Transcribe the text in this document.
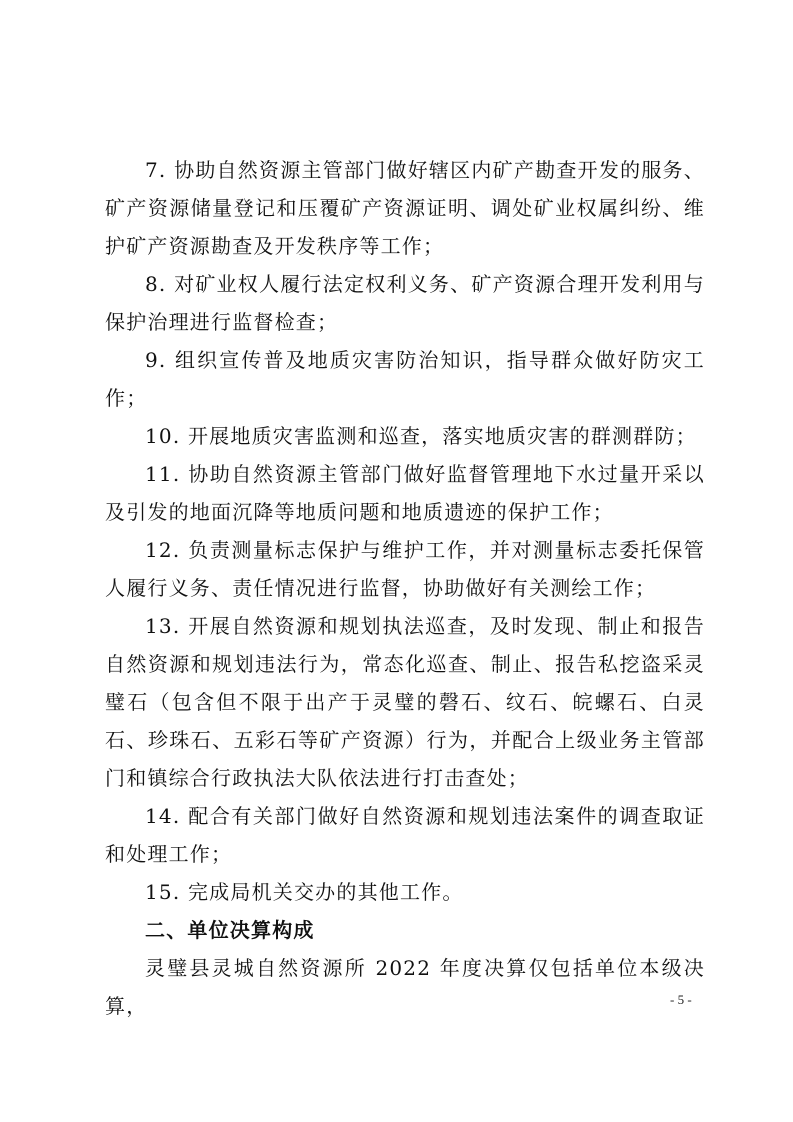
7. 协助自然资源主管部门做好辖区内矿产勘查开发的服务、矿产资源储量登记和压覆矿产资源证明、调处矿业权属纠纷、维护矿产资源勘查及开发秩序等工作；

8. 对矿业权人履行法定权利义务、矿产资源合理开发利用与保护治理进行监督检查；

9. 组织宣传普及地质灾害防治知识，指导群众做好防灾工作；

10. 开展地质灾害监测和巡查，落实地质灾害的群测群防；

11. 协助自然资源主管部门做好监督管理地下水过量开采以及引发的地面沉降等地质问题和地质遗迹的保护工作；

12. 负责测量标志保护与维护工作，并对测量标志委托保管人履行义务、责任情况进行监督，协助做好有关测绘工作；

13. 开展自然资源和规划执法巡查，及时发现、制止和报告自然资源和规划违法行为，常态化巡查、制止、报告私挖盗采灵璧石（包含但不限于出产于灵璧的磬石、纹石、皖螺石、白灵石、珍珠石、五彩石等矿产资源）行为，并配合上级业务主管部门和镇综合行政执法大队依法进行打击查处；

14. 配合有关部门做好自然资源和规划违法案件的调查取证和处理工作；

15. 完成局机关交办的其他工作。

二、单位决算构成

灵璧县灵城自然资源所 2022 年度决算仅包括单位本级决算，	- 5 -
